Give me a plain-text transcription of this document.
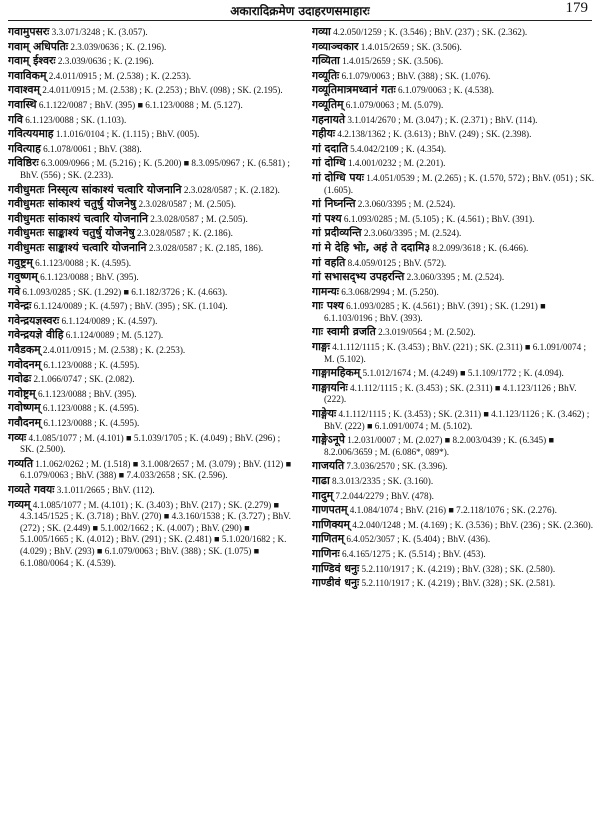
अकारादिक्रमेण उदाहरणसमाहारः	179
गवामुपसरः 3.3.071/3248 ; K. (3.057).
गवाम् अधिपतिः 2.3.039/0636 ; K. (2.196).
गवाम् ईश्वरः 2.3.039/0636 ; K. (2.196).
गवाविकम् 2.4.011/0915 ; M. (2.538) ; K. (2.253).
गवाश्वम् 2.4.011/0915 ; M. (2.538) ; K. (2.253) ; BhV. (098) ; SK. (2.195).
गवास्थि 6.1.122/0087 ; BhV. (395) ■ 6.1.123/0088 ; M. (5.127).
गवि 6.1.123/0088 ; SK. (1.103).
गवित्ययमाह 1.1.016/0104 ; K. (1.115) ; BhV. (005).
गवित्याह 6.1.078/0061 ; BhV. (388).
गविष्ठिरः 6.3.009/0966 ; M. (5.216) ; K. (5.200) ■ 8.3.095/0967 ; K. (6.581) ; BhV. (556) ; SK. (2.233).
गवीधुमतः निस्सृत्य सांकाश्यं चत्वारि योजनानि 2.3.028/0587 ; K. (2.182).
गवीधुमतः सांकाश्यं चतुर्षु योजनेषु 2.3.028/0587 ; M. (2.505).
गवीधुमतः सांकाश्यं चत्वारि योजनानि 2.3.028/0587 ; M. (2.505).
गवीधुमतः साङ्काश्यं चतुर्षु योजनेषु 2.3.028/0587 ; K. (2.186).
गवीधुमतः साङ्काश्यं चत्वारि योजनानि 2.3.028/0587 ; K. (2.185, 186).
गवुष्ट्रम् 6.1.123/0088 ; K. (4.595).
गवुष्णम् 6.1.123/0088 ; BhV. (395).
गवे 6.1.093/0285 ; SK. (1.292) ■ 6.1.182/3726 ; K. (4.663).
गवेन्द्रः 6.1.124/0089 ; K. (4.597) ; BhV. (395) ; SK. (1.104).
गवेन्द्रयज्ञस्वरः 6.1.124/0089 ; K. (4.597).
गवेन्द्रयज्ञे वीहि 6.1.124/0089 ; M. (5.127).
गवैडकम् 2.4.011/0915 ; M. (2.538) ; K. (2.253).
गवोदनम् 6.1.123/0088 ; K. (4.595).
गवोढः 2.1.066/0747 ; SK. (2.082).
गवोष्ट्रम् 6.1.123/0088 ; BhV. (395).
गवोष्णम् 6.1.123/0088 ; K. (4.595).
गवौदनम् 6.1.123/0088 ; K. (4.595).
गव्यः 4.1.085/1077 ; M. (4.101) ■ 5.1.039/1705 ; K. (4.049) ; BhV. (296) ; SK. (2.500).
गव्यति 1.1.062/0262 ; M. (1.518) ■ 3.1.008/2657 ; M. (3.079) ; BhV. (112) ■ 6.1.079/0063 ; BhV. (388) ■ 7.4.033/2658 ; SK. (2.596).
गव्यते गवयः 3.1.011/2665 ; BhV. (112).
गव्यम् 4.1.085/1077 ; M. (4.101) ; K. (3.403) ; BhV. (217) ; SK. (2.279) ■ 4.3.145/1525 ; K. (3.718) ; BhV. (270) ■ 4.3.160/1538 ; K. (3.727) ; BhV. (272) ; SK. (2.449) ■ 5.1.002/1662 ; K. (4.007) ; BhV. (290) ■ 5.1.005/1665 ; K. (4.012) ; BhV. (291) ; SK. (2.481) ■ 5.1.020/1682 ; K. (4.029) ; BhV. (293) ■ 6.1.079/0063 ; BhV. (388) ; SK. (1.075) ■ 6.1.080/0064 ; K. (4.539).
गव्या 4.2.050/1259 ; K. (3.546) ; BhV. (237) ; SK. (2.362).
गव्याञ्चकार 1.4.015/2659 ; SK. (3.506).
गव्यिता 1.4.015/2659 ; SK. (3.506).
गव्यूतिः 6.1.079/0063 ; BhV. (388) ; SK. (1.076).
गव्यूतिमात्रमध्वानं गतः 6.1.079/0063 ; K. (4.538).
गव्यूतिम् 6.1.079/0063 ; M. (5.079).
गहनायते 3.1.014/2670 ; M. (3.047) ; K. (2.371) ; BhV. (114).
गहीयः 4.2.138/1362 ; K. (3.613) ; BhV. (249) ; SK. (2.398).
गां ददाति 5.4.042/2109 ; K. (4.354).
गां दोग्धि 1.4.001/0232 ; M. (2.201).
गां दोग्धि पयः 1.4.051/0539 ; M. (2.265) ; K. (1.570, 572) ; BhV. (051) ; SK. (1.605).
गां निघ्नन्ति 2.3.060/3395 ; M. (2.524).
गां पश्य 6.1.093/0285 ; M. (5.105) ; K. (4.561) ; BhV. (391).
गां प्रदीव्यन्ति 2.3.060/3395 ; M. (2.524).
गां मे देहि भोः, अहं ते ददामि३ 8.2.099/3618 ; K. (6.466).
गां वहति 8.4.059/0125 ; BhV. (572).
गां सभासद्भ्य उपहरन्ति 2.3.060/3395 ; M. (2.524).
गामन्यः 6.3.068/2994 ; M. (5.250).
गाः पश्य 6.1.093/0285 ; K. (4.561) ; BhV. (391) ; SK. (1.291) ■ 6.1.103/0196 ; BhV. (393).
गाः स्वामी व्रजति 2.3.019/0564 ; M. (2.502).
गाङ्गः 4.1.112/1115 ; K. (3.453) ; BhV. (221) ; SK. (2.311) ■ 6.1.091/0074 ; M. (5.102).
गाङ्गामहिकम् 5.1.012/1674 ; M. (4.249) ■ 5.1.109/1772 ; K. (4.094).
गाङ्गायनिः 4.1.112/1115 ; K. (3.453) ; SK. (2.311) ■ 4.1.123/1126 ; BhV. (222).
गाङ्गेयः 4.1.112/1115 ; K. (3.453) ; SK. (2.311) ■ 4.1.123/1126 ; K. (3.462) ; BhV. (222) ■ 6.1.091/0074 ; M. (5.102).
गाङ्गेऽनूपे 1.2.031/0007 ; M. (2.027) ■ 8.2.003/0439 ; K. (6.345) ■ 8.2.006/3659 ; M. (6.086*, 089*).
गाजयति 7.3.036/2570 ; SK. (3.396).
गाढा 8.3.013/2335 ; SK. (3.160).
गादुम् 7.2.044/2279 ; BhV. (478).
गाणपतम् 4.1.084/1074 ; BhV. (216) ■ 7.2.118/1076 ; SK. (2.276).
गाणिक्यम् 4.2.040/1248 ; M. (4.169) ; K. (3.536) ; BhV. (236) ; SK. (2.360).
गाणितम् 6.4.052/3057 ; K. (5.404) ; BhV. (436).
गाणिनः 6.4.165/1275 ; K. (5.514) ; BhV. (453).
गाण्डिवं धनुः 5.2.110/1917 ; K. (4.219) ; BhV. (328) ; SK. (2.580).
गाण्डीवं धनुः 5.2.110/1917 ; K. (4.219) ; BhV. (328) ; SK. (2.581).
